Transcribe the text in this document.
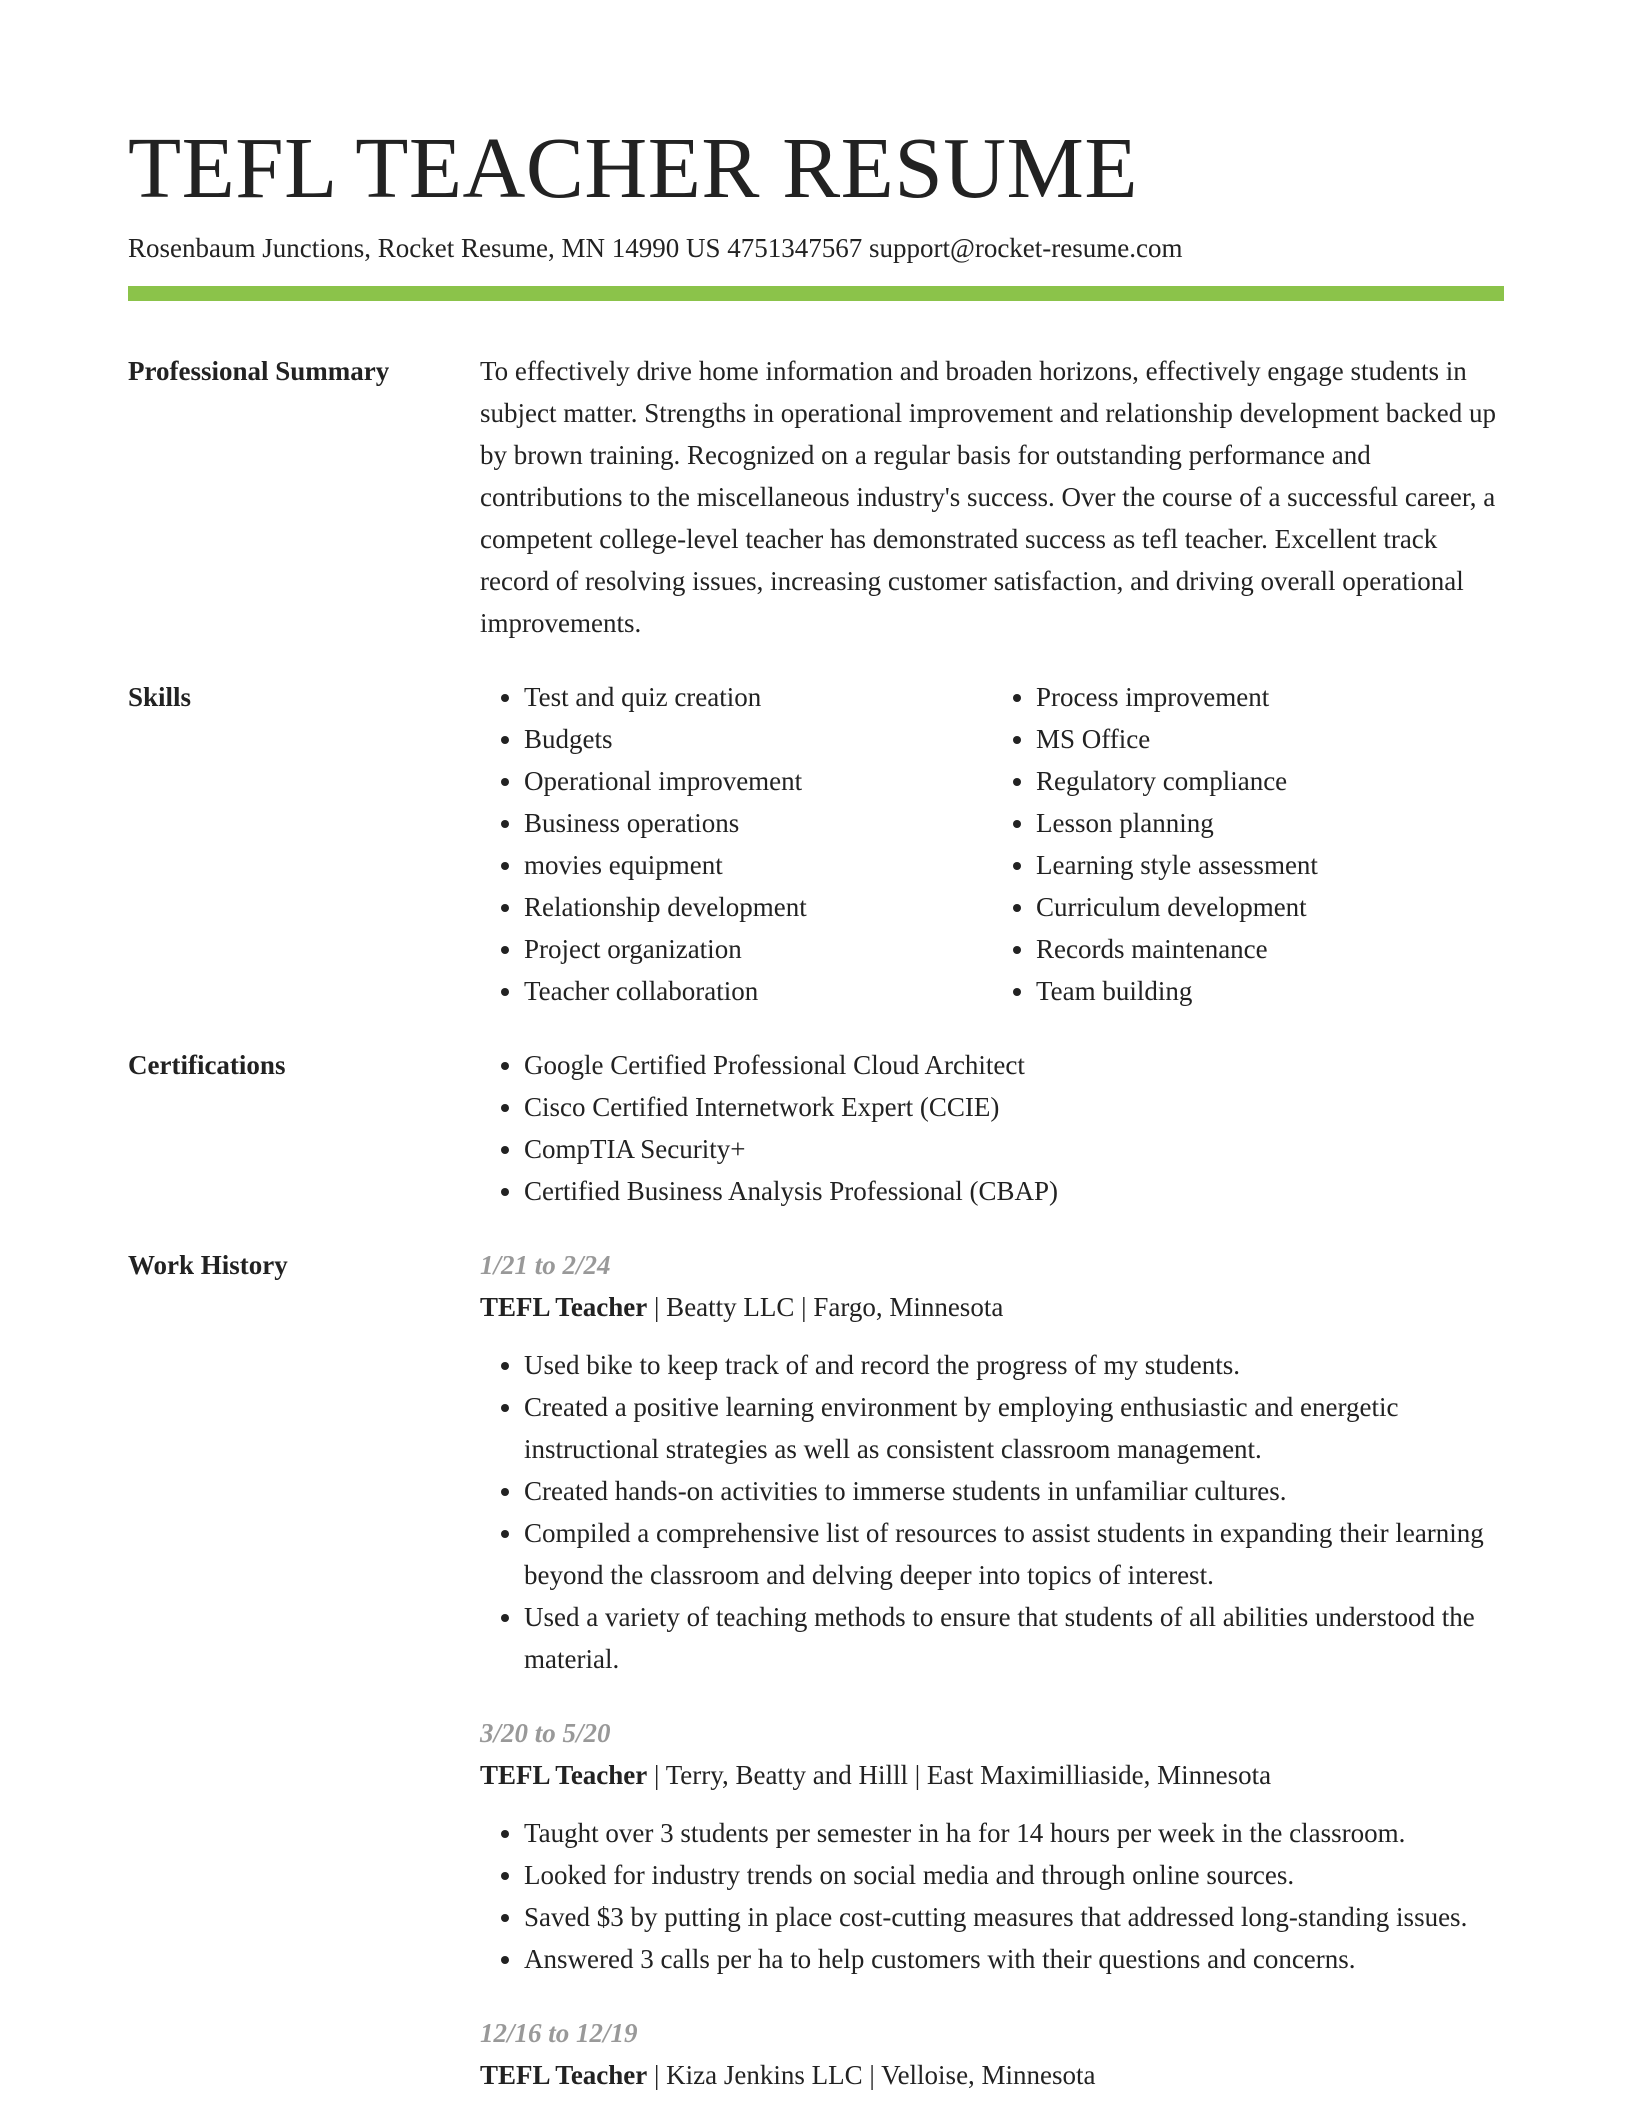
TEFL TEACHER RESUME
Rosenbaum Junctions, Rocket Resume, MN 14990 US 4751347567 support@rocket-resume.com
Professional Summary	To effectively drive home information and broaden horizons, effectively engage students in subject matter. Strengths in operational improvement and relationship development backed up by brown training. Recognized on a regular basis for outstanding performance and contributions to the miscellaneous industry's success. Over the course of a successful career, a competent college-level teacher has demonstrated success as tefl teacher. Excellent track record of resolving issues, increasing customer satisfaction, and driving overall operational improvements.

Skills	• Test and quiz creation
• Budgets
• Operational improvement
• Business operations
• movies equipment
• Relationship development
• Project organization
• Teacher collaboration
• Process improvement
• MS Office
• Regulatory compliance
• Lesson planning
• Learning style assessment
• Curriculum development
• Records maintenance
• Team building
Certifications	• Google Certified Professional Cloud Architect
• Cisco Certified Internetwork Expert (CCIE)
• CompTIA Security+
• Certified Business Analysis Professional (CBAP)
Work History	1/21 to 2/24
TEFL Teacher | Beatty LLC | Fargo, Minnesota
• Used bike to keep track of and record the progress of my students.
• Created a positive learning environment by employing enthusiastic and energetic instructional strategies as well as consistent classroom management.
• Created hands-on activities to immerse students in unfamiliar cultures.
• Compiled a comprehensive list of resources to assist students in expanding their learning beyond the classroom and delving deeper into topics of interest.
• Used a variety of teaching methods to ensure that students of all abilities understood the material.
3/20 to 5/20
TEFL Teacher | Terry, Beatty and Hilll | East Maximilliaside, Minnesota
• Taught over 3 students per semester in ha for 14 hours per week in the classroom.
• Looked for industry trends on social media and through online sources.
• Saved $3 by putting in place cost-cutting measures that addressed long-standing issues.
• Answered 3 calls per ha to help customers with their questions and concerns.
12/16 to 12/19
TEFL Teacher | Kiza Jenkins LLC | Velloise, Minnesota
